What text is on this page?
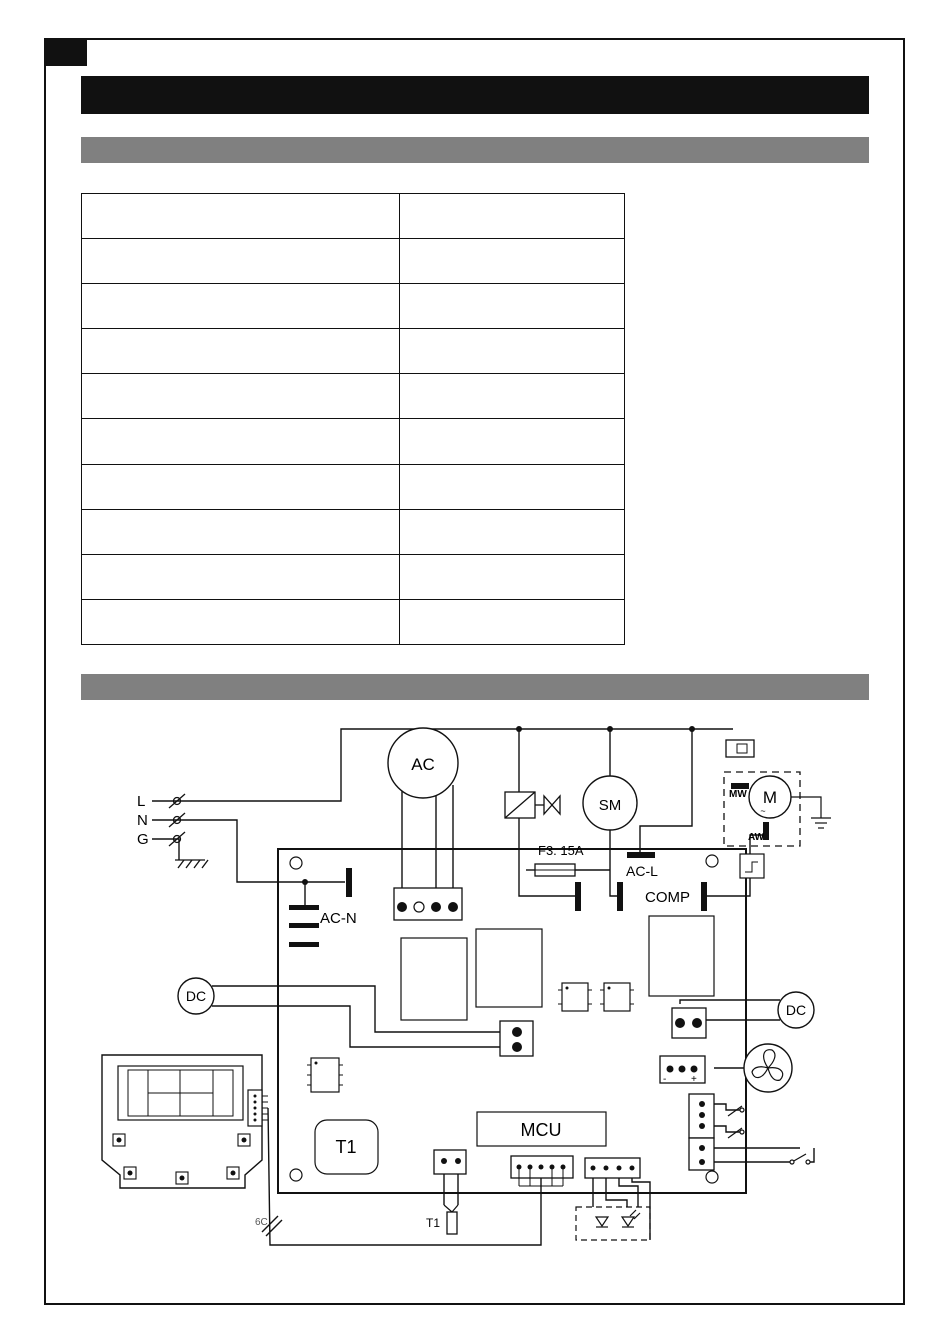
L
N
G
AC
AC-N
SM
F3. 15A
AC-L
COMP
MCU
T1
DC
DC
- +
M
~
MW
AW
6C	T1
